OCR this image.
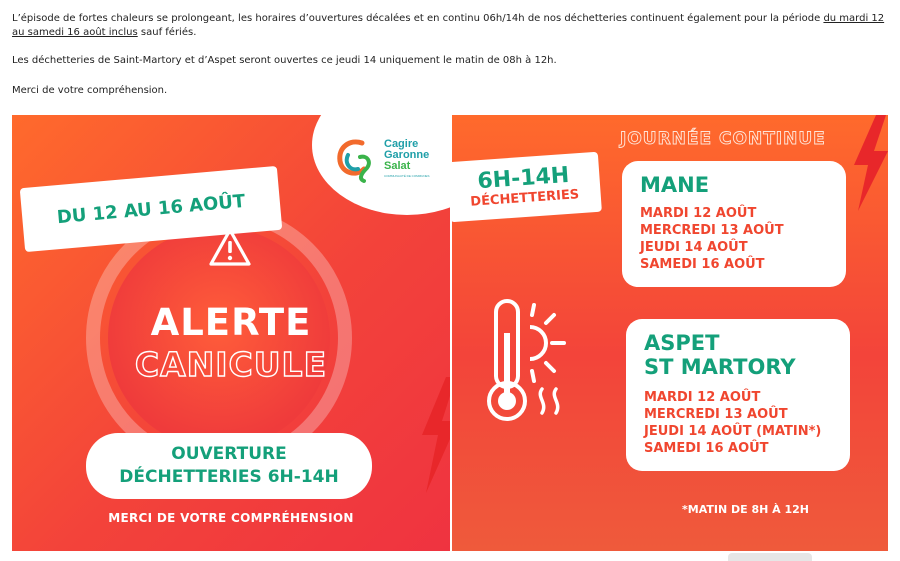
L’épisode de fortes chaleurs se prolongeant, les horaires d’ouvertures décalées et en continu 06h/14h de nos déchetteries continuent également pour la période du mardi 12 au samedi 16 août inclus sauf fériés.

Les déchetteries de Saint-Martory et d’Aspet seront ouvertes ce jeudi 14 uniquement le matin de 08h à 12h.

Merci de votre compréhension.

Cagire
Garonne
Salat
COMMUNAUTÉ DE COMMUNES
DU 12 AU 16 AOÛT
ALERTE
CANICULE
OUVERTURE
DÉCHETTERIES 6H-14H
MERCI DE VOTRE COMPRÉHENSION
JOURNÉE CONTINUE
6H-14H
DÉCHETTERIES
MANE
MARDI 12 AOÛT
MERCREDI 13 AOÛT
JEUDI 14 AOÛT
SAMEDI 16 AOÛT
ASPET
ST MARTORY
MARDI 12 AOÛT
MERCREDI 13 AOÛT
JEUDI 14 AOÛT (MATIN*)
SAMEDI 16 AOÛT
*MATIN DE 8H À 12H
